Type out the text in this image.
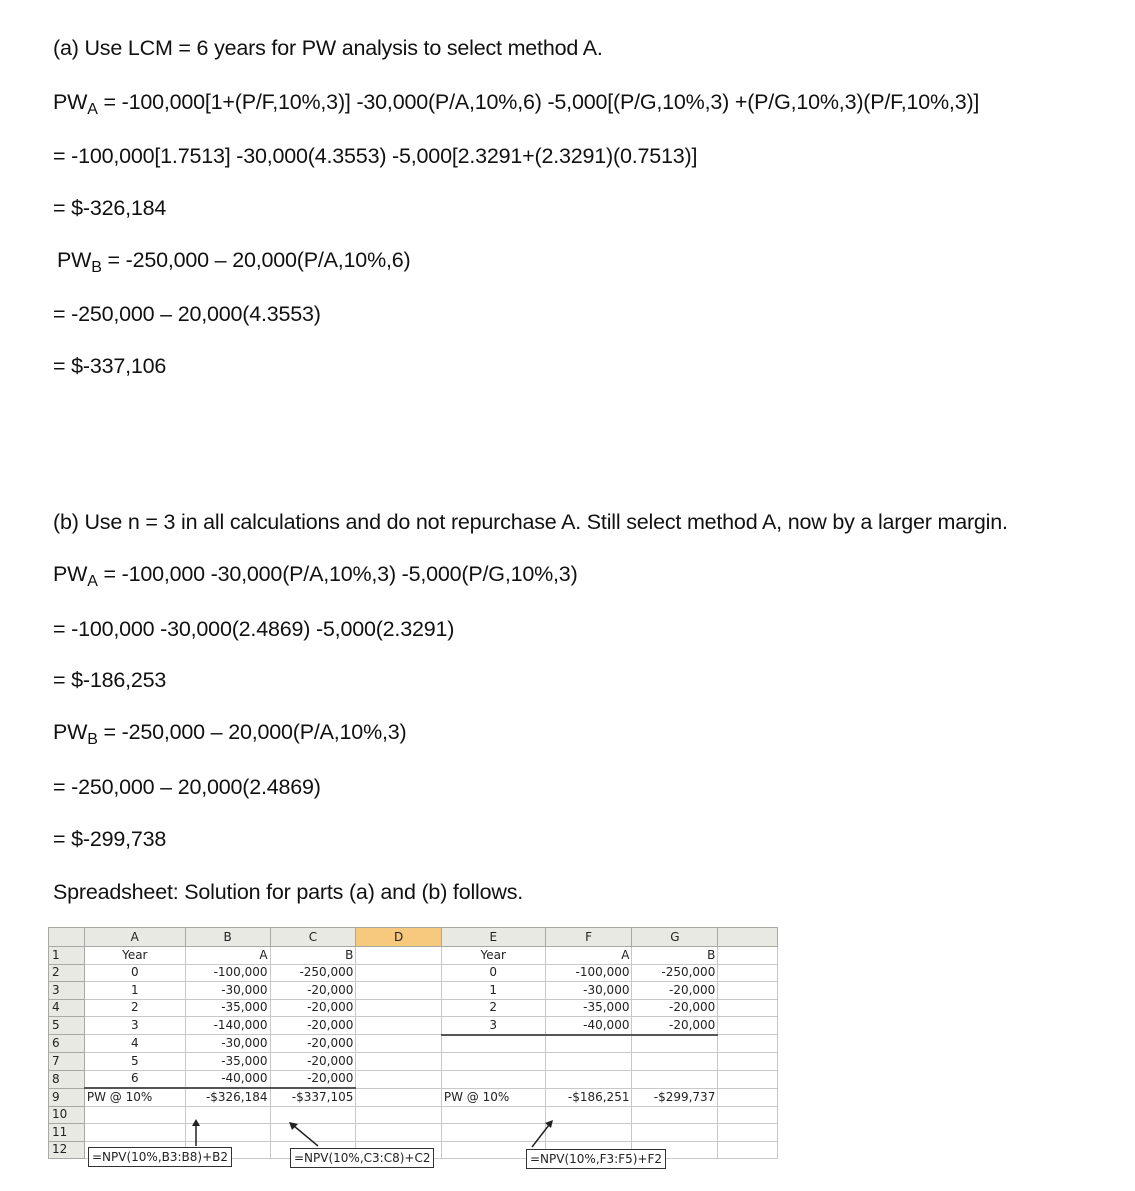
(a) Use LCM = 6 years for PW analysis to select method A.
$PW_A = -100,000[1+(P/F,10\%,3)]$ -30,000(P/A,10%,6) -5,000[(P/G,10%,3) +(P/G,10%,3)(P/F,10%,3)]
= -100,000[1.7513] -30,000(4.3553) -5,000[2.3291+(2.3291)(0.7513)]
= $-326,184
$PW_B = -250,000 - 20,000(P/A,10\%,6)$
= -250,000 – 20,000(4.3553)
= $-337,106
(b) Use n = 3 in all calculations and do not repurchase A. Still select method A, now by a larger margin.
$PW_A = -100,000$ -30,000(P/A,10%,3) -5,000(P/G,10%,3)
= -100,000 -30,000(2.4869) -5,000(2.3291)
= $-186,253
$PW_B = -250,000 - 20,000(P/A,10\%,3)$
= -250,000 – 20,000(2.4869)
= $-299,738
Spreadsheet: Solution for parts (a) and (b) follows.
	A	B	C	D	E	F	G	
1	Year	A	B		Year	A	B	
2	0	-100,000	-250,000		0	-100,000	-250,000	
3	1	-30,000	-20,000		1	-30,000	-20,000	
4	2	-35,000	-20,000		2	-35,000	-20,000	
5	3	-140,000	-20,000		3	-40,000	-20,000	
6	4	-30,000	-20,000					
7	5	-35,000	-20,000					
8	6	-40,000	-20,000					
9	PW @ 10%	-$326,184	-$337,105		PW @ 10%	-$186,251	-$299,737	
10								
11								
12								
=NPV(10%,B3:B8)+B2	=NPV(10%,C3:C8)+C2	=NPV(10%,F3:F5)+F2
